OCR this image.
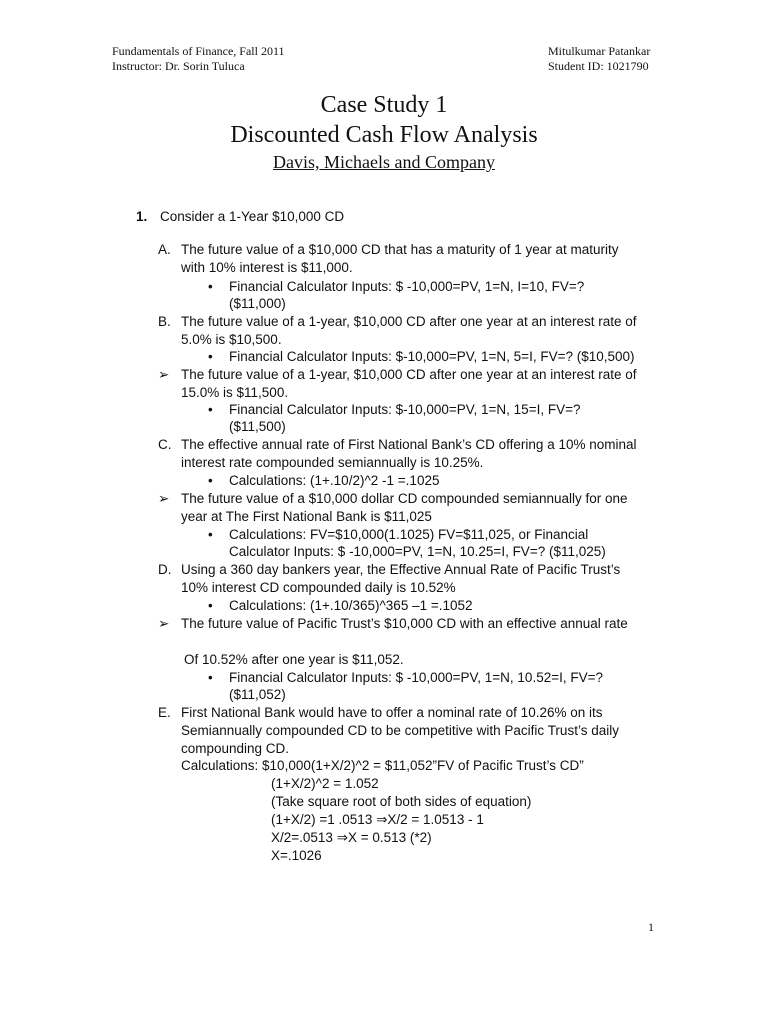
Fundamentals of Finance, Fall 2011
Instructor: Dr. Sorin Tuluca
Mitulkumar Patankar
Student ID: 1021790
Case Study 1
Discounted Cash Flow Analysis
Davis, Michaels and Company
1. Consider a 1-Year $10,000 CD
A. The future value of a $10,000 CD that has a maturity of 1 year at maturity
with 10% interest is $11,000.
• Financial Calculator Inputs: $ -10,000=PV, 1=N, I=10, FV=?
($11,000)
B. The future value of a 1-year, $10,000 CD after one year at an interest rate of
5.0% is $10,500.
• Financial Calculator Inputs: $-10,000=PV, 1=N, 5=I, FV=? ($10,500)
➢ The future value of a 1-year, $10,000 CD after one year at an interest rate of
15.0% is $11,500.
• Financial Calculator Inputs: $-10,000=PV, 1=N, 15=I, FV=?
($11,500)
C. The effective annual rate of First National Bank’s CD offering a 10% nominal
interest rate compounded semiannually is 10.25%.
• Calculations: (1+.10/2)^2 -1 =.1025
➢ The future value of a $10,000 dollar CD compounded semiannually for one
year at The First National Bank is $11,025
• Calculations: FV=$10,000(1.1025) FV=$11,025, or Financial
Calculator Inputs: $ -10,000=PV, 1=N, 10.25=I, FV=? ($11,025)
D. Using a 360 day bankers year, the Effective Annual Rate of Pacific Trust’s
10% interest CD compounded daily is 10.52%
• Calculations: (1+.10/365)^365 –1 =.1052
➢ The future value of Pacific Trust’s $10,000 CD with an effective annual rate
Of 10.52% after one year is $11,052.
• Financial Calculator Inputs: $ -10,000=PV, 1=N, 10.52=I, FV=?
($11,052)
E. First National Bank would have to offer a nominal rate of 10.26% on its
Semiannually compounded CD to be competitive with Pacific Trust’s daily
compounding CD.
Calculations: $10,000(1+X/2)^2 = $11,052”FV of Pacific Trust’s CD”
(1+X/2)^2 = 1.052
(Take square root of both sides of equation)
(1+X/2) =1 .0513 ⇒X/2 = 1.0513 - 1
X/2=.0513 ⇒X = 0.513 (*2)
X=.1026
1
